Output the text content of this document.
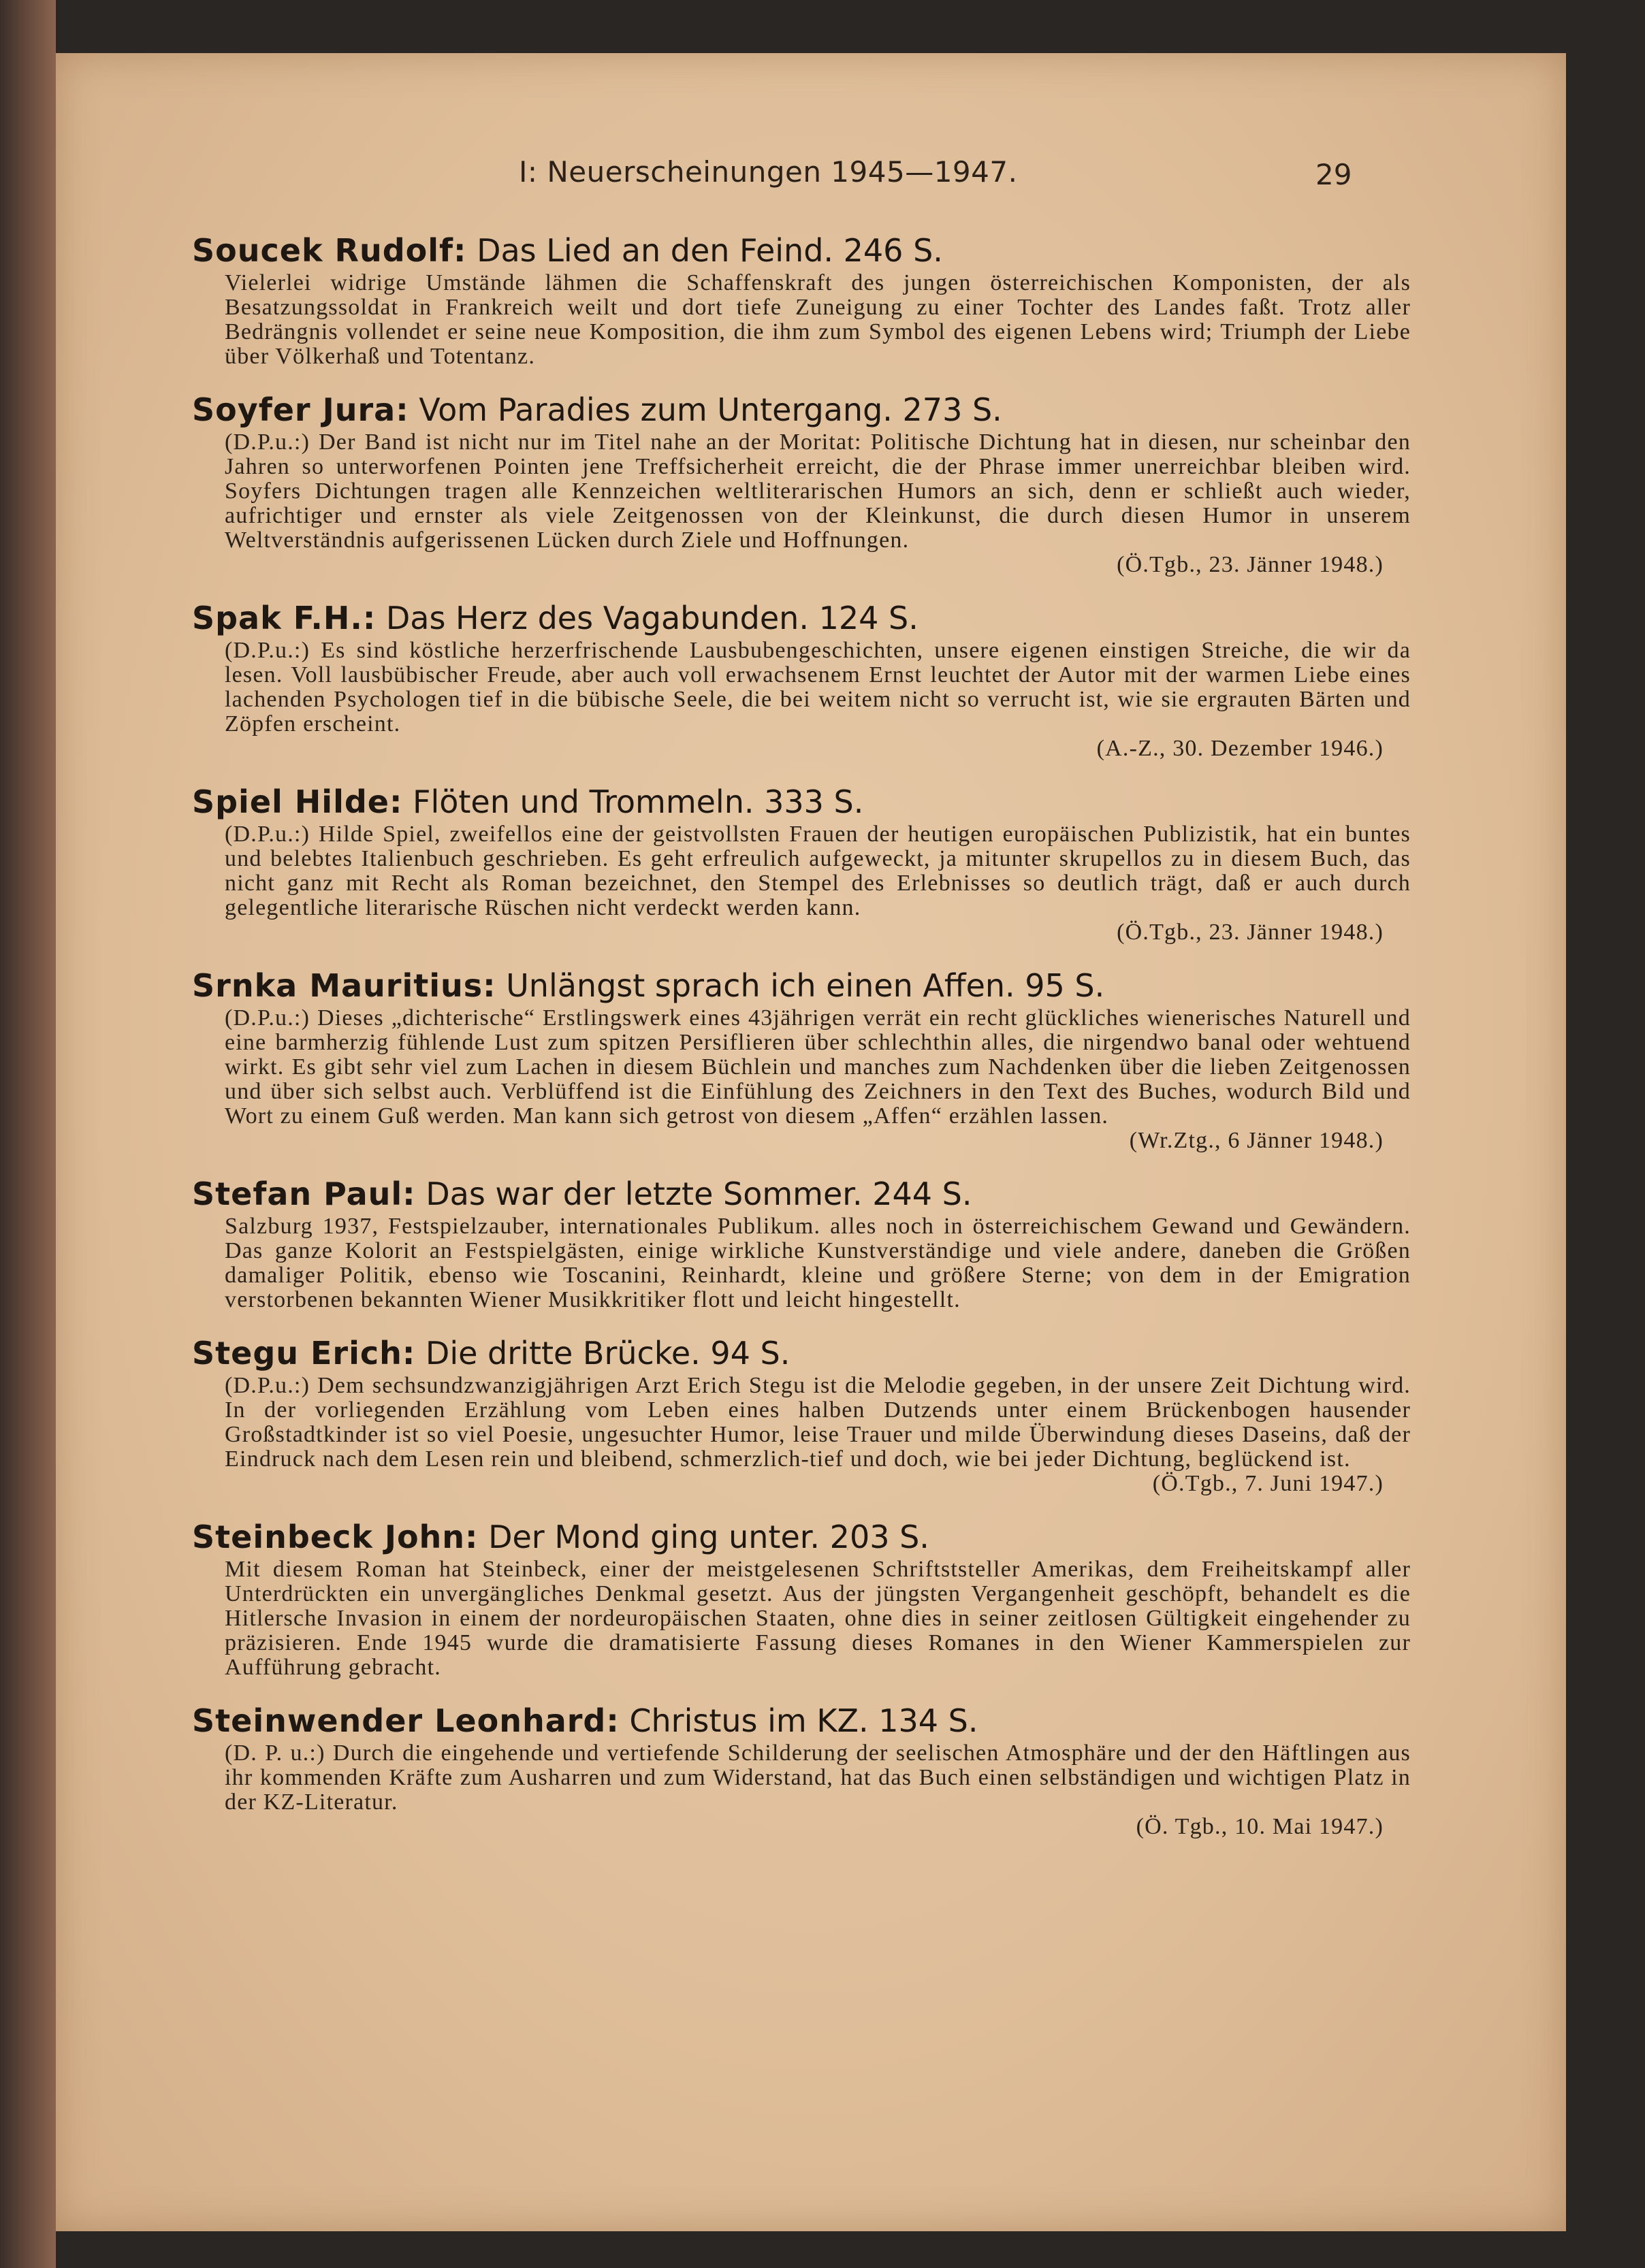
I: Neuerscheinungen 1945—1947.	29
Soucek Rudolf: Das Lied an den Feind. 246 S.
Vielerlei widrige Umstände lähmen die Schaffenskraft des jungen österreichischen Komponisten, der als Besatzungssoldat in Frankreich weilt und dort tiefe Zuneigung zu einer Tochter des Landes faßt. Trotz aller Bedrängnis vollendet er seine neue Komposition, die ihm zum Symbol des eigenen Lebens wird; Triumph der Liebe über Völkerhaß und Totentanz.
Soyfer Jura: Vom Paradies zum Untergang. 273 S.
(D.P.u.:) Der Band ist nicht nur im Titel nahe an der Moritat: Politische Dichtung hat in diesen, nur scheinbar den Jahren so unterworfenen Pointen jene Treffsicherheit erreicht, die der Phrase immer unerreichbar bleiben wird. Soyfers Dichtungen tragen alle Kennzeichen weltliterarischen Humors an sich, denn er schließt auch wieder, aufrichtiger und ernster als viele Zeitgenossen von der Kleinkunst, die durch diesen Humor in unserem Weltverständnis aufgerissenen Lücken durch Ziele und Hoffnungen.
(Ö.Tgb., 23. Jänner 1948.)
Spak F.H.: Das Herz des Vagabunden. 124 S.
(D.P.u.:) Es sind köstliche herzerfrischende Lausbubengeschichten, unsere eigenen einstigen Streiche, die wir da lesen. Voll lausbübischer Freude, aber auch voll erwachsenem Ernst leuchtet der Autor mit der warmen Liebe eines lachenden Psychologen tief in die bübische Seele, die bei weitem nicht so verrucht ist, wie sie ergrauten Bärten und Zöpfen erscheint.
(A.-Z., 30. Dezember 1946.)
Spiel Hilde: Flöten und Trommeln. 333 S.
(D.P.u.:) Hilde Spiel, zweifellos eine der geistvollsten Frauen der heutigen europäischen Publizistik, hat ein buntes und belebtes Italienbuch geschrieben. Es geht erfreulich aufgeweckt, ja mitunter skrupellos zu in diesem Buch, das nicht ganz mit Recht als Roman bezeichnet, den Stempel des Erlebnisses so deutlich trägt, daß er auch durch gelegentliche literarische Rüschen nicht verdeckt werden kann.
(Ö.Tgb., 23. Jänner 1948.)
Srnka Mauritius: Unlängst sprach ich einen Affen. 95 S.
(D.P.u.:) Dieses „dichterische“ Erstlingswerk eines 43jährigen verrät ein recht glückliches wienerisches Naturell und eine barmherzig fühlende Lust zum spitzen Persiflieren über schlechthin alles, die nirgendwo banal oder wehtuend wirkt. Es gibt sehr viel zum Lachen in diesem Büchlein und manches zum Nachdenken über die lieben Zeitgenossen und über sich selbst auch. Verblüffend ist die Einfühlung des Zeichners in den Text des Buches, wodurch Bild und Wort zu einem Guß werden. Man kann sich getrost von diesem „Affen“ erzählen lassen.
(Wr.Ztg., 6 Jänner 1948.)
Stefan Paul: Das war der letzte Sommer. 244 S.
Salzburg 1937, Festspielzauber, internationales Publikum. alles noch in österreichischem Gewand und Gewändern. Das ganze Kolorit an Festspielgästen, einige wirkliche Kunstverständige und viele andere, daneben die Größen damaliger Politik, ebenso wie Toscanini, Reinhardt, kleine und größere Sterne; von dem in der Emigration verstorbenen bekannten Wiener Musikkritiker flott und leicht hingestellt.
Stegu Erich: Die dritte Brücke. 94 S.
(D.P.u.:) Dem sechsundzwanzigjährigen Arzt Erich Stegu ist die Melodie gegeben, in der unsere Zeit Dichtung wird. In der vorliegenden Erzählung vom Leben eines halben Dutzends unter einem Brückenbogen hausender Großstadtkinder ist so viel Poesie, ungesuchter Humor, leise Trauer und milde Überwindung dieses Daseins, daß der Eindruck nach dem Lesen rein und bleibend, schmerzlich-tief und doch, wie bei jeder Dichtung, beglückend ist.
(Ö.Tgb., 7. Juni 1947.)
Steinbeck John: Der Mond ging unter. 203 S.
Mit diesem Roman hat Steinbeck, einer der meistgelesenen Schriftststeller Amerikas, dem Freiheitskampf aller Unterdrückten ein unvergängliches Denkmal gesetzt. Aus der jüngsten Vergangenheit geschöpft, behandelt es die Hitlersche Invasion in einem der nordeuropäischen Staaten, ohne dies in seiner zeitlosen Gültigkeit eingehender zu präzisieren. Ende 1945 wurde die dramatisierte Fassung dieses Romanes in den Wiener Kammerspielen zur Aufführung gebracht.
Steinwender Leonhard: Christus im KZ. 134 S.
(D. P. u.:) Durch die eingehende und vertiefende Schilderung der seelischen Atmosphäre und der den Häftlingen aus ihr kommenden Kräfte zum Ausharren und zum Widerstand, hat das Buch einen selbständigen und wichtigen Platz in der KZ-Literatur.
(Ö. Tgb., 10. Mai 1947.)
